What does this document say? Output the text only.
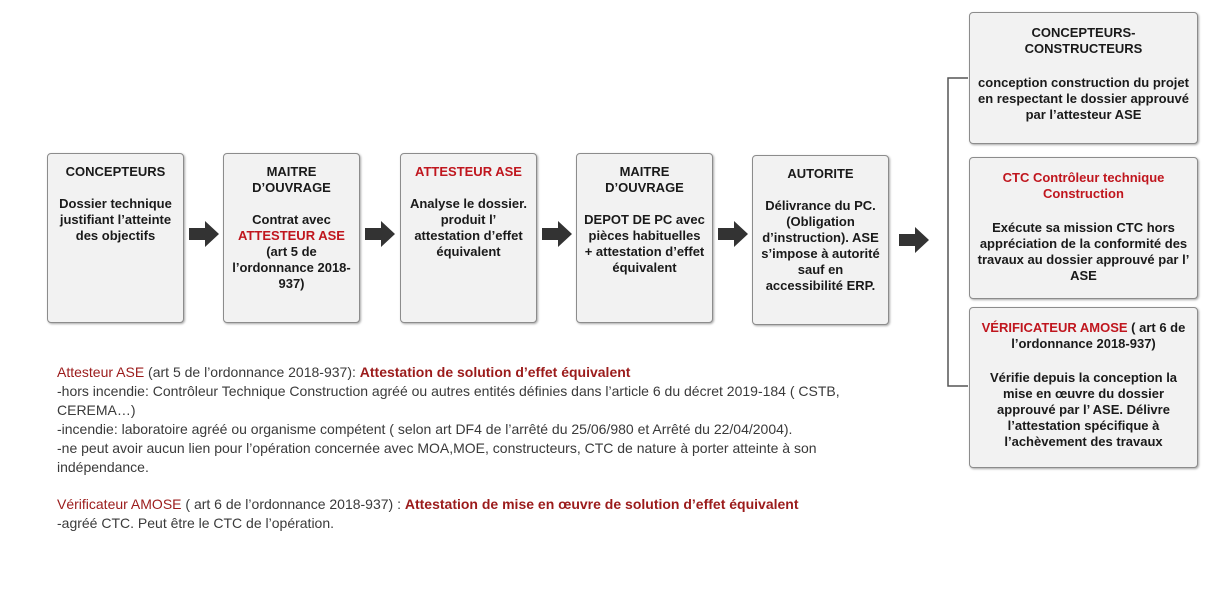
CONCEPTEURS
Dossier technique justifiant l’atteinte des objectifs
MAITRE D’OUVRAGE
Contrat avec ATTESTEUR ASE (art 5 de l’ordonnance 2018-937)
ATTESTEUR ASE
Analyse le dossier. produit l’ attestation d’effet équivalent
MAITRE D’OUVRAGE
DEPOT DE PC avec pièces habituelles + attestation d’effet équivalent
AUTORITE
Délivrance du PC. (Obligation d’instruction). ASE s’impose à autorité sauf en accessibilité ERP.
CONCEPTEURS-CONSTRUCTEURS
conception construction du projet en respectant le dossier approuvé par l’attesteur ASE
CTC Contrôleur technique Construction
Exécute sa mission CTC hors appréciation de la conformité des travaux au dossier approuvé par l’ ASE
VÉRIFICATEUR AMOSE ( art 6 de l’ordonnance 2018-937)
Vérifie depuis la conception la mise en œuvre du dossier approuvé par l’ ASE. Délivre l’attestation spécifique à l’achèvement des travaux

Attesteur ASE (art 5 de l’ordonnance 2018-937): Attestation de solution d’effet équivalent

-hors incendie: Contrôleur Technique Construction agréé ou autres entités définies dans l’article 6 du décret 2019-184 ( CSTB, CEREMA…)

-incendie: laboratoire agréé ou organisme compétent ( selon art DF4 de l’arrêté du 25/06/980 et Arrêté du 22/04/2004).

-ne peut avoir aucun lien pour l’opération concernée avec MOA,MOE, constructeurs, CTC de nature à porter atteinte à son indépendance.

Vérificateur AMOSE ( art 6 de l’ordonnance 2018-937) : Attestation de mise en œuvre de solution d’effet équivalent

-agréé CTC. Peut être le CTC de l’opération.
